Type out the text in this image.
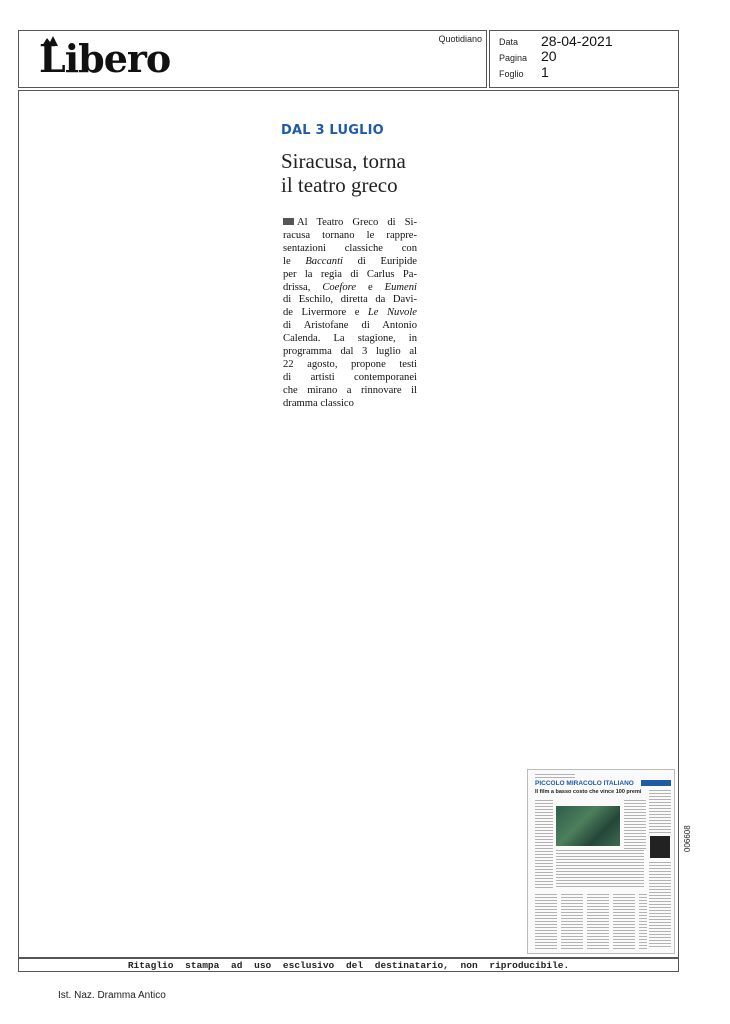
Libero	Quotidiano Data 28-04-2021
Pagina 20
Foglio 1
DAL 3 LUGLIO
Siracusa, torna
il teatro greco
Al Teatro Greco di Si-
racusa tornano le rappre-
sentazioni classiche con
le Baccanti di Euripide
per la regia di Carlus Pa-
drissa, Coefore e Eumeni
di Eschilo, diretta da Davi-
de Livermore e Le Nuvole
di Aristofane di Antonio
Calenda. La stagione, in
programma dal 3 luglio al
22 agosto, propone testi
di artisti contemporanei
che mirano a rinnovare il
dramma classico
PICCOLO MIRACOLO ITALIANO
Il film a basso costo che vince 100 premi
006608
Ritaglio stampa ad uso esclusivo del destinatario, non riproducibile.
Ist. Naz. Dramma Antico
